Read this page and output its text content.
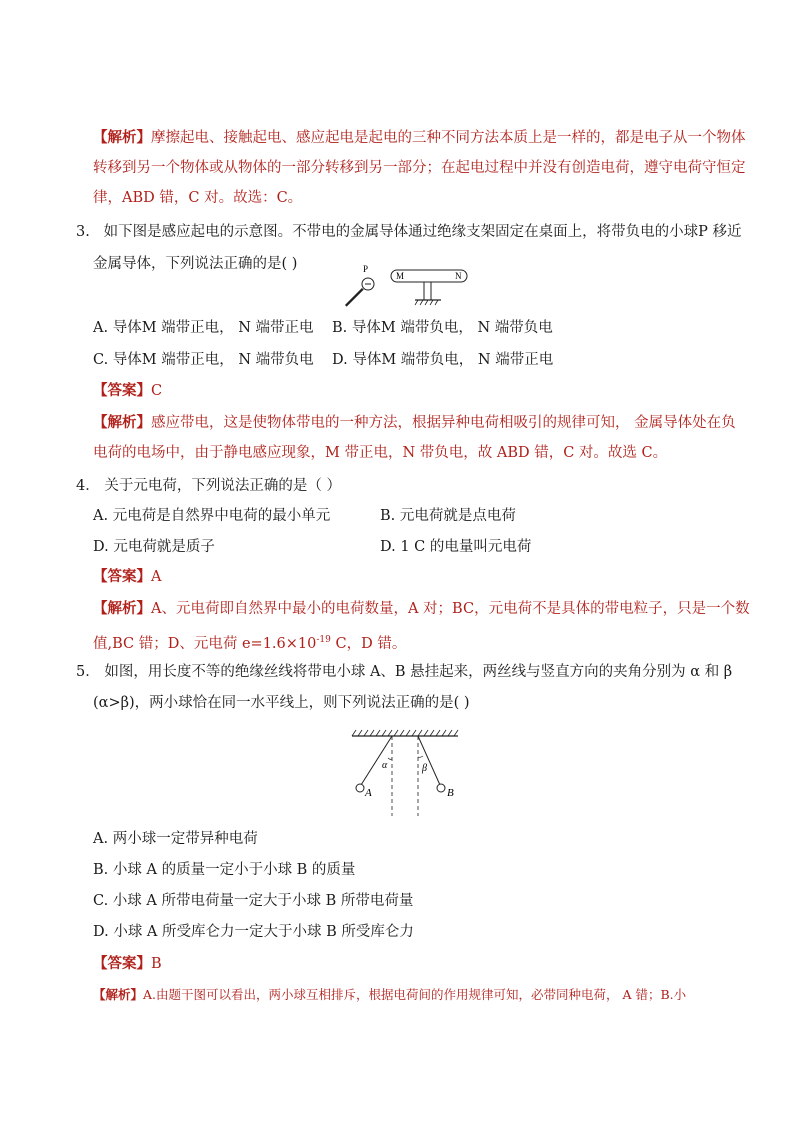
【解析】摩擦起电、接触起电、感应起电是起电的三种不同方法本质上是一样的，都是电子从一个物体
转移到另一个物体或从物体的一部分转移到另一部分；在起电过程中并没有创造电荷，遵守电荷守恒定
律，ABD 错，C 对。故选：C。
3. 如下图是感应起电的示意图。不带电的金属导体通过绝缘支架固定在桌面上，将带负电的小球P 移近
金属导体，下列说法正确的是( )	P
M	N
A. 导体M 端带正电， N 端带正电 B. 导体M 端带负电， N 端带负电
C. 导体M 端带正电， N 端带负电 D. 导体M 端带负电， N 端带正电
【答案】C
【解析】感应带电，这是使物体带电的一种方法，根据异种电荷相吸引的规律可知， 金属导体处在负
电荷的电场中，由于静电感应现象，M 带正电，N 带负电，故 ABD 错，C 对。故选 C。
4． 关于元电荷，下列说法正确的是（ ）
A. 元电荷是自然界中电荷的最小单元	B. 元电荷就是点电荷
D. 元电荷就是质子	D. 1 C 的电量叫元电荷
【答案】A
【解析】A、元电荷即自然界中最小的电荷数量，A 对；BC，元电荷不是具体的带电粒子，只是一个数
值,BC 错；D、元电荷 $e=1.6\times 10^{-19}$ C，D 错。
5． 如图，用长度不等的绝缘丝线将带电小球 A、B 悬挂起来，两丝线与竖直方向的夹角分别为 α 和 β
(α>β)，两小球恰在同一水平线上，则下列说法正确的是( )
α	β
A	B
A. 两小球一定带异种电荷
B. 小球 A 的质量一定小于小球 B 的质量
C. 小球 A 所带电荷量一定大于小球 B 所带电荷量
D. 小球 A 所受库仑力一定大于小球 B 所受库仑力
【答案】B
【解析】A.由题干图可以看出，两小球互相排斥，根据电荷间的作用规律可知，必带同种电荷， A 错；B.小
